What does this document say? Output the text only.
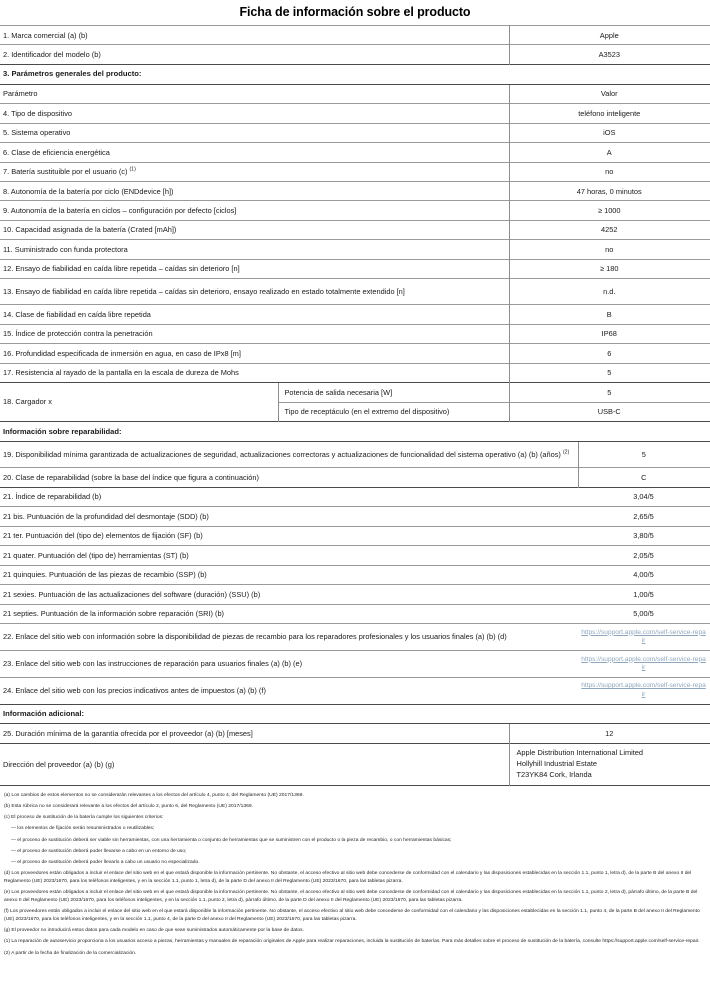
Ficha de información sobre el producto
1. Marca comercial (a) (b)	Apple
2. Identificador del modelo (b)	A3523
3. Parámetros generales del producto:
Parámetro	Valor
4. Tipo de dispositivo	teléfono inteligente
5. Sistema operativo	iOS
6. Clase de eficiencia energética	A
7. Batería sustituible por el usuario (c) $^{(1)}$	no
8. Autonomía de la batería por ciclo (ENDdevice [h])	47 horas, 0 minutos
9. Autonomía de la batería en ciclos – configuración por defecto [ciclos]	≥ 1000
10. Capacidad asignada de la batería (Crated [mAh])	4252
11. Suministrado con funda protectora	no
12. Ensayo de fiabilidad en caída libre repetida – caídas sin deterioro [n]	≥ 180
13. Ensayo de fiabilidad en caída libre repetida – caídas sin deterioro, ensayo realizado en estado totalmente extendido [n]	n.d.
14. Clase de fiabilidad en caída libre repetida	B
15. Índice de protección contra la penetración	IP68
16. Profundidad especificada de inmersión en agua, en caso de IPx8 [m]	6
17. Resistencia al rayado de la pantalla en la escala de dureza de Mohs	5
18. Cargador x	Potencia de salida necesaria [W]	5
	Tipo de receptáculo (en el extremo del dispositivo)	USB-C
Información sobre reparabilidad:
19. Disponibilidad mínima garantizada de actualizaciones de seguridad, actualizaciones correctoras y actualizaciones de funcionalidad del sistema operativo (a) (b) (años) $^{(2)}$	5
20. Clase de reparabilidad (sobre la base del índice que figura a continuación)	C
21. Índice de reparabilidad (b)	3,04/5
21 bis. Puntuación de la profundidad del desmontaje (SDD) (b)	2,65/5
21 ter. Puntuación del (tipo de) elementos de fijación (SF) (b)	3,80/5
21 quater. Puntuación del (tipo de) herramientas (ST) (b)	2,05/5
21 quinquies. Puntuación de las piezas de recambio (SSP) (b)	4,00/5
21 sexies. Puntuación de las actualizaciones del software (duración) (SSU) (b)	1,00/5
21 septies. Puntuación de la información sobre reparación (SRI) (b)	5,00/5
22. Enlace del sitio web con información sobre la disponibilidad de piezas de recambio para los reparadores profesionales y los usuarios finales (a) (b) (d)	https://support.apple.com/self-service-repair

23. Enlace del sitio web con las instrucciones de reparación para usuarios finales (a) (b) (e)	https://support.apple.com/self-service-repair

24. Enlace del sitio web con los precios indicativos antes de impuestos (a) (b) (f)	https://support.apple.com/self-service-repair
Información adicional:
25. Duración mínima de la garantía ofrecida por el proveedor (a) (b) [meses]	12
Dirección del proveedor (a) (b) (g)	Apple Distribution International Limited
Hollyhill Industrial Estate
T23YK84 Cork, Irlanda

(a) Los cambios de estos elementos no se considerarán relevantes a los efectos del artículo 4, punto 4, del Reglamento (UE) 2017/1369.

(b) Esta rúbrica no se considerará relevante a los efectos del artículo 2, punto 6, del Reglamento (UE) 2017/1369.

(c) El proceso de sustitución de la batería cumple los siguientes criterios:

— los elementos de fijación serán resuministrados o reutilizables;

— el proceso de sustitución deberá ser viable sin herramientas, con una herramienta o conjunto de herramientas que se suministren con el producto o la pieza de recambio, o con herramientas básicas;

— el proceso de sustitución deberá poder llevarse a cabo en un entorno de uso;

— el proceso de sustitución deberá poder llevarlo a cabo un usuario no especializado.

(d) Los proveedores están obligados a incluir el enlace del sitio web en el que estará disponible la información pertinente. No obstante, el acceso efectivo al sitio web debe concederse de conformidad con el calendario y las disposiciones establecidas en la sección 1.1, punto 1, letra d), de la parte B del anexo II del Reglamento (UE) 2023/1670, para los teléfonos inteligentes, y en la sección 1.1, punto 1, letra d), de la parte D del anexo II del Reglamento (UE) 2023/1670, para las tabletas pizarra.

(e) Los proveedores están obligados a incluir el enlace del sitio web en el que estará disponible la información pertinente. No obstante, el acceso efectivo al sitio web debe concederse de conformidad con el calendario y las disposiciones establecidas en la sección 1.1, punto 2, letra d), párrafo último, de la parte B del anexo II del Reglamento (UE) 2023/1670, para los teléfonos inteligentes, y en la sección 1.1, punto 2, letra d), párrafo último, de la parte D del anexo II del Reglamento (UE) 2023/1670, para las tabletas pizarra.

(f) Los proveedores están obligados a incluir el enlace del sitio web en el que estará disponible la información pertinente. No obstante, el acceso efectivo al sitio web debe concederse de conformidad con el calendario y las disposiciones establecidas en la sección 1.1, punto 4, de la parte B del anexo II del Reglamento (UE) 2023/1670, para los teléfonos inteligentes, y en la sección 1.1, punto 4, de la parte D del anexo II del Reglamento (UE) 2023/1670, para las tabletas pizarra.

(g) El proveedor no introducirá estos datos para cada modelo en caso de que sean suministrados automáticamente por la base de datos.

(1) La reparación de autoservicio proporciona a los usuarios acceso a piezas, herramientas y manuales de reparación originales de Apple para realizar reparaciones, incluida la sustitución de baterías. Para más detalles sobre el proceso de sustitución de la batería, consulte https://support.apple.com/self-service-repair.

(2) A partir de la fecha de finalización de la comercialización.
